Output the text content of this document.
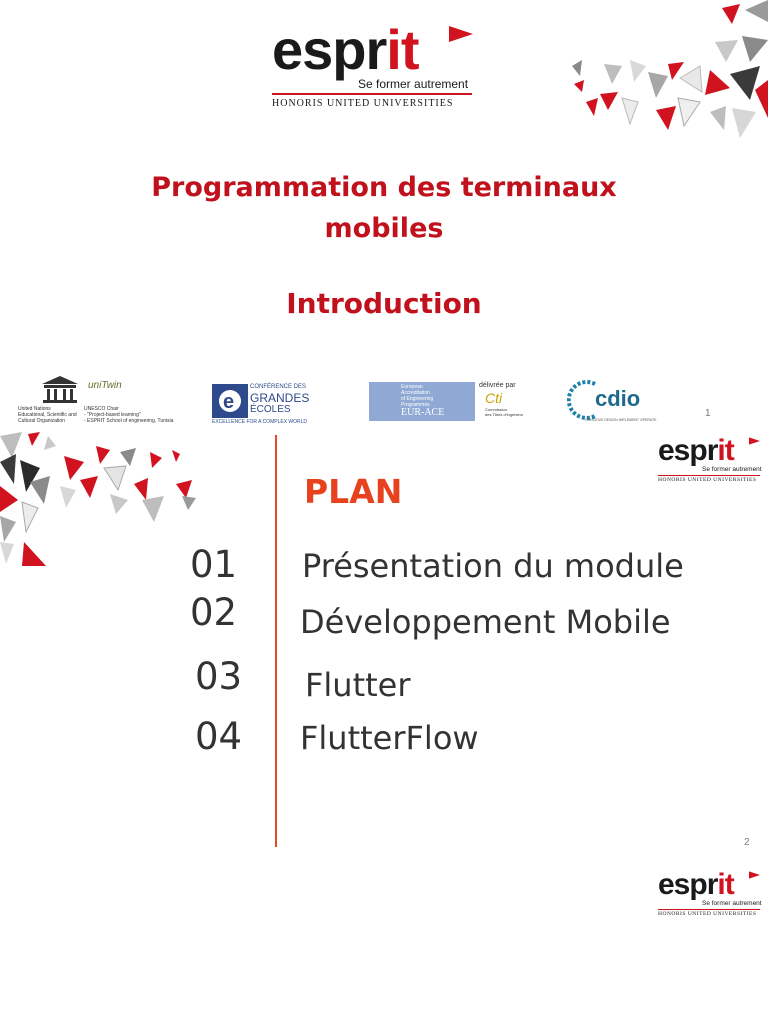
esprit
Se former autrement
HONORIS UNITED UNIVERSITIES
Programmation des terminaux
mobiles
Introduction
uniTwin
United Nations
Educational, Scientific and
Cultural Organization
UNESCO Chair
- "Project-based learning"
- ESPRIT School of engineering, Tunisia
e
CONFÉRENCE DES
GRANDES
ÉCOLES
EXCELLENCE FOR A COMPLEX WORLD
European
Accreditation
of Engineering
Programmes
EUR-ACE
délivrée par
Cti
Commission
des Titres d'Ingénieur
cdio
CONCEIVE DESIGN IMPLEMENT OPERATE
1
esprit
Se former autrement
HONORIS UNITED UNIVERSITIES
PLAN
01 Présentation du module
02 Développement Mobile
03 Flutter
04 FlutterFlow
2
esprit
Se former autrement
HONORIS UNITED UNIVERSITIES
